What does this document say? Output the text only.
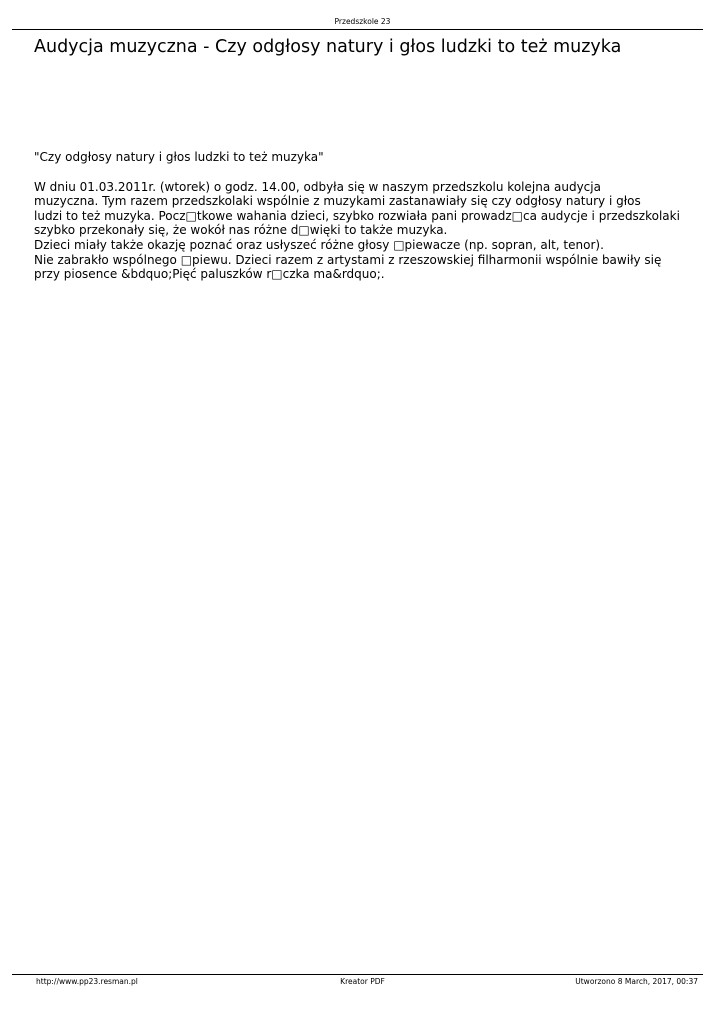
Przedszkole 23
Audycja muzyczna - Czy odgłosy natury i głos ludzki to też muzyka

"Czy odgłosy natury i głos ludzki to też muzyka"

W dniu 01.03.2011r. (wtorek) o godz. 14.00, odbyła się w naszym przedszkolu kolejna audycja
muzyczna. Tym razem przedszkolaki wspólnie z muzykami zastanawiały się czy odgłosy natury i głos
ludzi to też muzyka. Pocz□tkowe wahania dzieci, szybko rozwiała pani prowadz□ca audycje i przedszkolaki
szybko przekonały się, że wokół nas różne d□więki to także muzyka.
Dzieci miały także okazję poznać oraz usłyszeć różne głosy □piewacze (np. sopran, alt, tenor).
Nie zabrakło wspólnego □piewu. Dzieci razem z artystami z rzeszowskiej filharmonii wspólnie bawiły się
przy piosence &bdquo;Pięć paluszków r□czka ma&rdquo;.

Kreator PDF
http://www.pp23.resman.pl	Utworzono 8 March, 2017, 00:37
